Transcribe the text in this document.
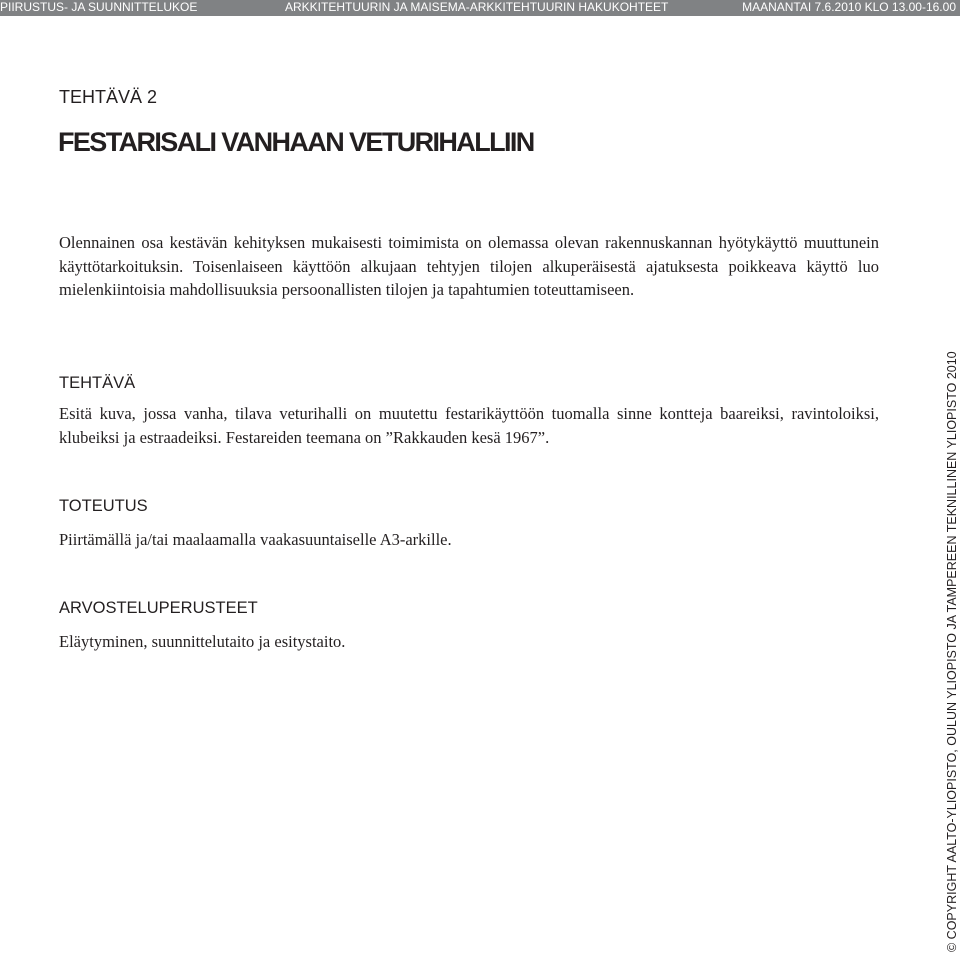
PIIRUSTUS- JA SUUNNITTELUKOE	ARKKITEHTUURIN JA MAISEMA-ARKKITEHTUURIN HAKUKOHTEET	MAANANTAI 7.6.2010 KLO 13.00-16.00
TEHTÄVÄ 2
FESTARISALI VANHAAN VETURIHALLIIN

Olennainen osa kestävän kehityksen mukaisesti toimimista on olemassa olevan rakennuskannan hyötykäyttö muuttunein käyttötarkoituksin. Toisenlaiseen käyttöön alkujaan tehtyjen tilojen alkuperäisestä ajatuksesta poikkeava käyttö luo mielenkiintoisia mahdollisuuksia persoonallisten tilojen ja tapahtumien toteuttamiseen.

TEHTÄVÄ

Esitä kuva, jossa vanha, tilava veturihalli on muutettu festarikäyttöön tuomalla sinne kontteja baareiksi, ravintoloiksi, klubeiksi ja estraadeiksi. Festareiden teemana on ”Rakkauden kesä 1967”.

TOTEUTUS

Piirtämällä ja/tai maalaamalla vaakasuuntaiselle A3-arkille.

ARVOSTELUPERUSTEET

Eläytyminen, suunnittelutaito ja esitystaito.	© COPYRIGHT AALTO-YLIOPISTO, OULUN YLIOPISTO JA TAMPEREEN TEKNILLINEN YLIOPISTO 2010
